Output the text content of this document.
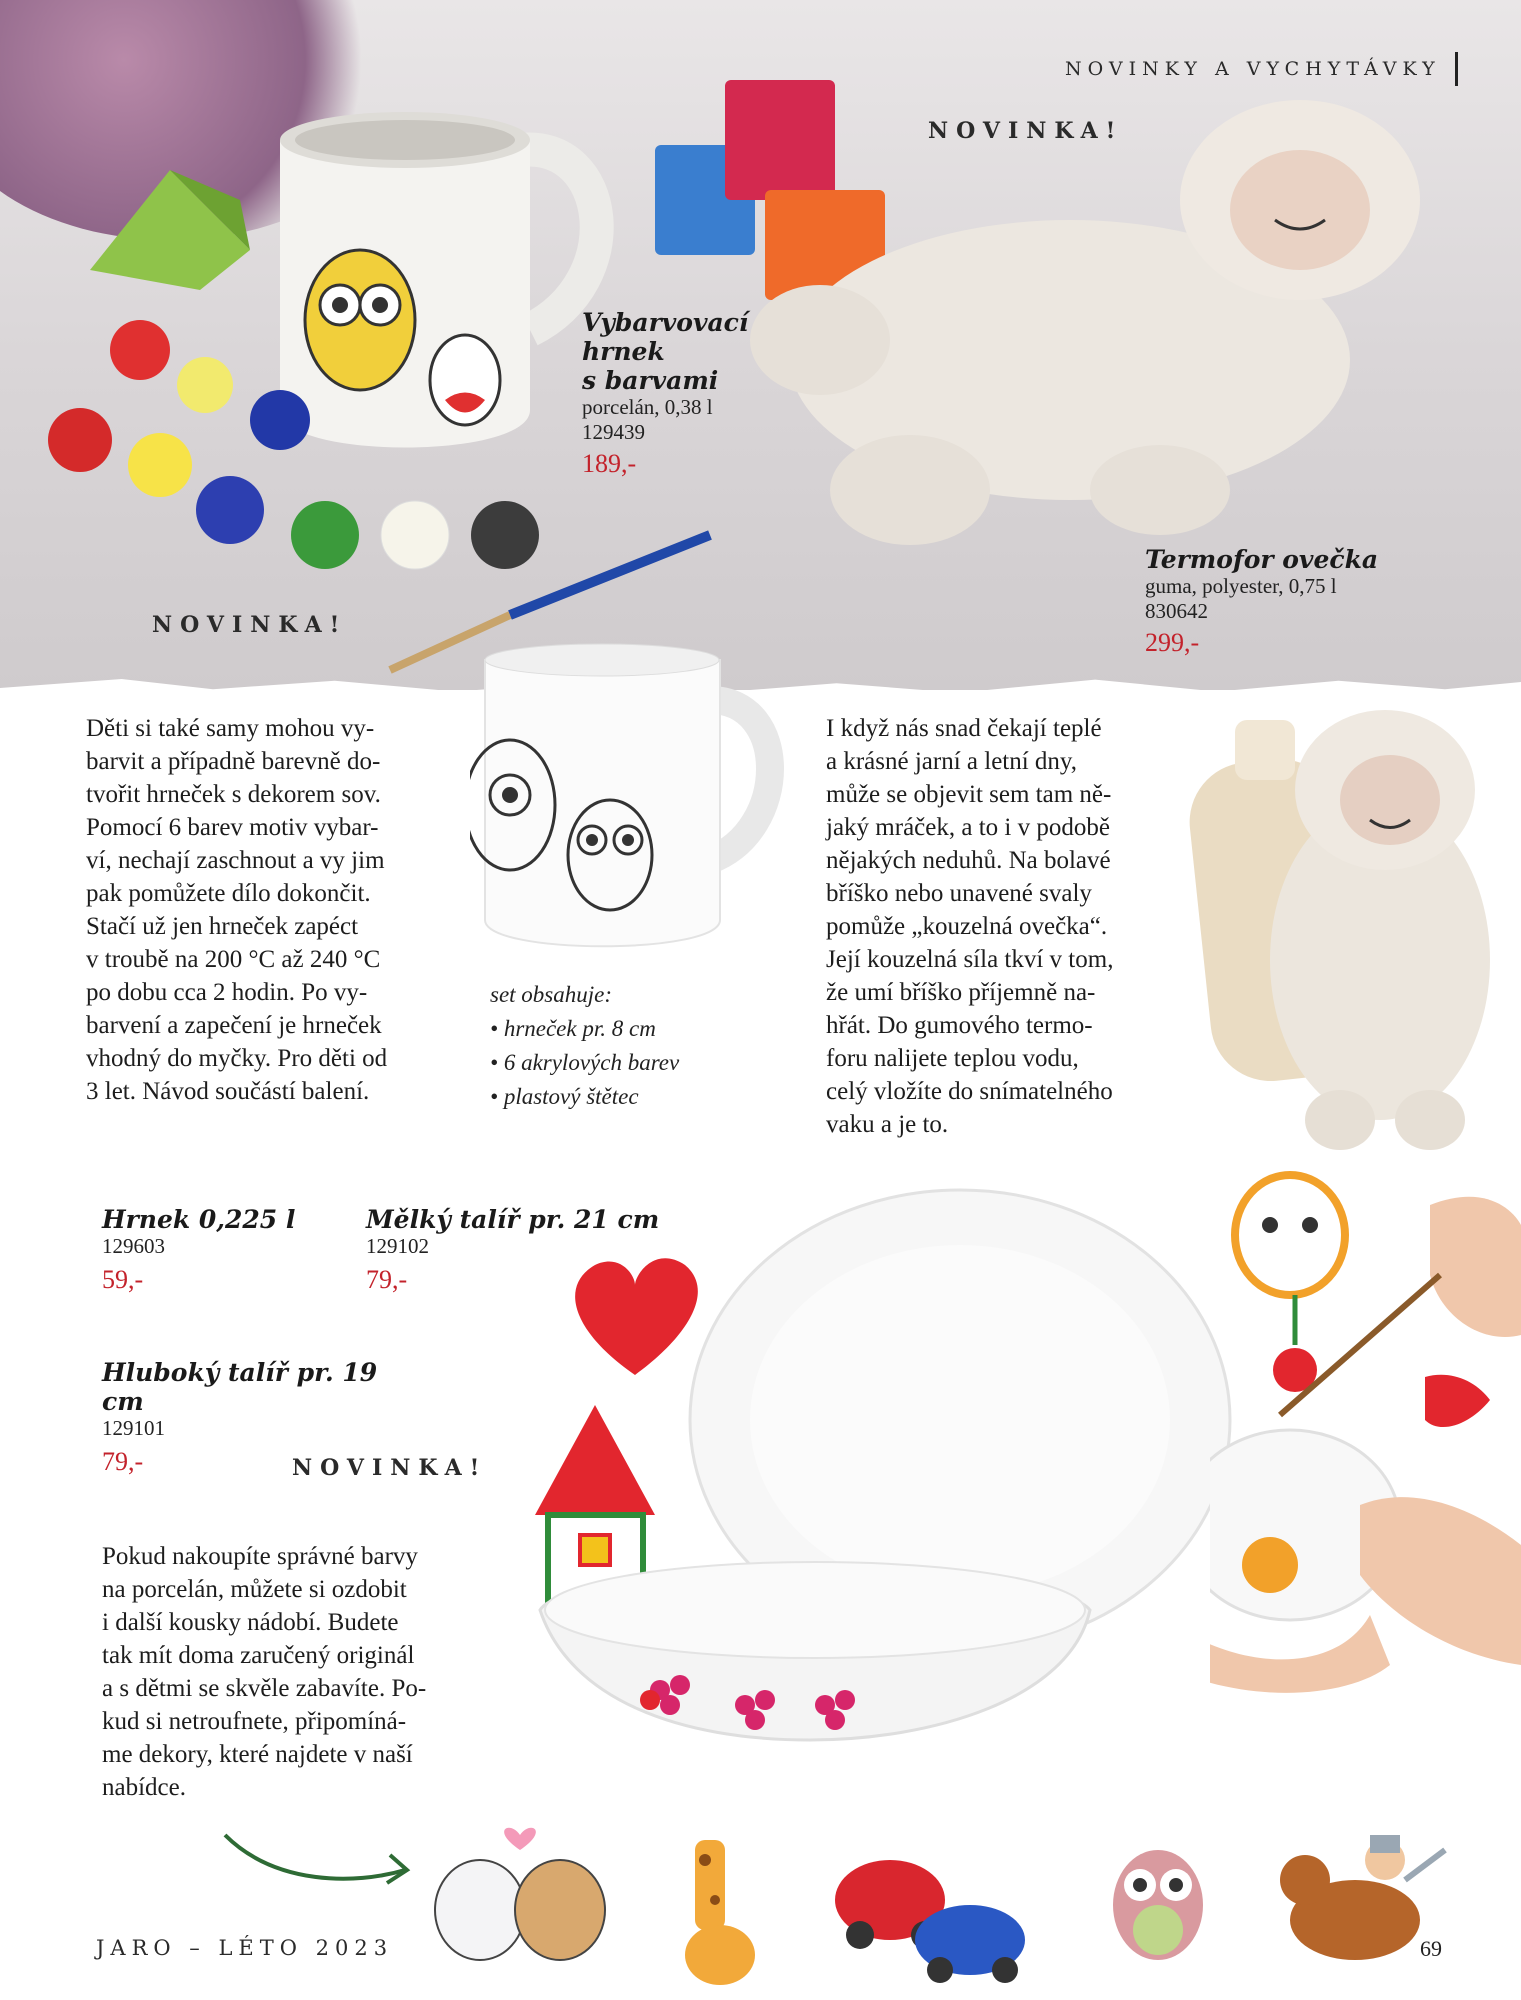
NOVINKY A VYCHYTÁVKY
NOVINKA!
NOVINKA!
Vybarvovací
hrnek
s barvami
porcelán, 0,38 l
129439
189,-
Termofor ovečka
guma, polyester, 0,75 l
830642
299,-
Děti si také samy mohou vy-
barvit a případně barevně do-
tvořit hrneček s dekorem sov.
Pomocí 6 barev motiv vybar-
ví, nechají zaschnout a vy jim
pak pomůžete dílo dokončit.
Stačí už jen hrneček zapéct
v troubě na 200 °C až 240 °C
po dobu cca 2 hodin. Po vy-
barvení a zapečení je hrneček
vhodný do myčky. Pro děti od
3 let. Návod součástí balení.
set obsahuje:
• hrneček pr. 8 cm
• 6 akrylových barev
• plastový štětec
I když nás snad čekají teplé
a krásné jarní a letní dny,
může se objevit sem tam ně-
jaký mráček, a to i v podobě
nějakých neduhů. Na bolavé
bříško nebo unavené svaly
pomůže „kouzelná ovečka“.
Její kouzelná síla tkví v tom,
že umí bříško příjemně na-
hřát. Do gumového termo-
foru nalijete teplou vodu,
celý vložíte do snímatelného
vaku a je to.
Hrnek 0,225 l
129603
59,-
Mělký talíř pr. 21 cm
129102
79,-
Hluboký talíř pr. 19 cm
129101
79,-	NOVINKA!
Pokud nakoupíte správné barvy
na porcelán, můžete si ozdobit
i další kousky nádobí. Budete
tak mít doma zaručený originál
a s dětmi se skvěle zabavíte. Po-
kud si netroufnete, připomíná-
me dekory, které najdete v naší
nabídce.
JARO – LÉTO 2023	69
